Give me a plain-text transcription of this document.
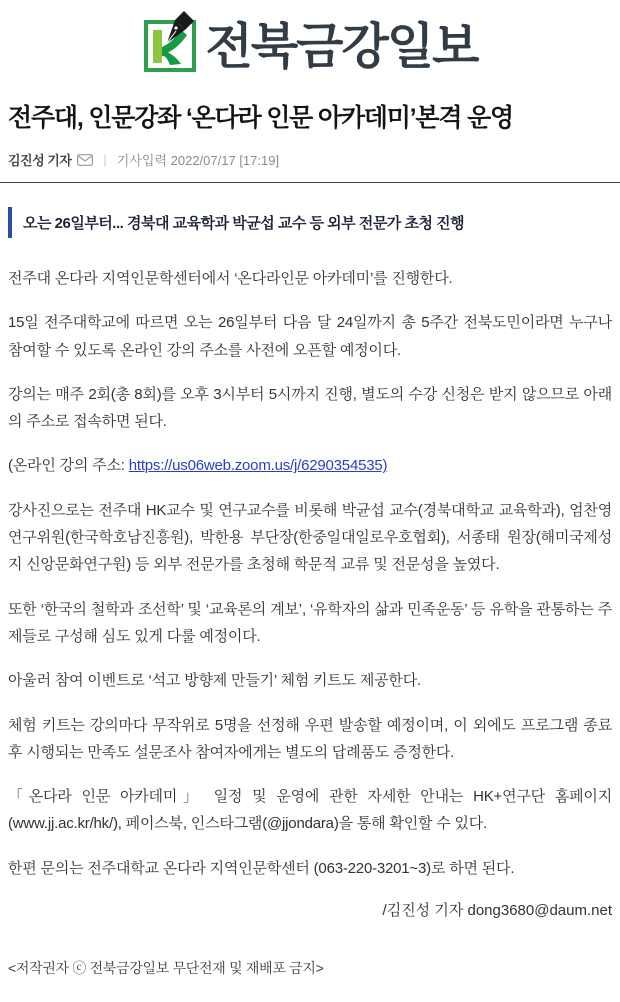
전북금강일보
전주대, 인문강좌 ‘온다라 인문 아카데미’본격 운영
김진성 기자 | 기사입력 2022/07/17 [17:19]
오는 26일부터... 경북대 교육학과 박균섭 교수 등 외부 전문가 초청 진행

전주대 온다라 지역인문학센터에서 ‘온다라인문 아카데미’를 진행한다.

15일 전주대학교에 따르면 오는 26일부터 다음 달 24일까지 총 5주간 전북도민이라면 누구나 참여할 수 있도록 온라인 강의 주소를 사전에 오픈할 예정이다.

강의는 매주 2회(총 8회)를 오후 3시부터 5시까지 진행, 별도의 수강 신청은 받지 않으므로 아래의 주소로 접속하면 된다.

(온라인 강의 주소: https://us06web.zoom.us/j/6290354535)

강사진으로는 전주대 HK교수 및 연구교수를 비롯해 박균섭 교수(경북대학교 교육학과), 엄찬영 연구위원(한국학호남진흥원), 박한용 부단장(한중일대일로우호협회), 서종태 원장(해미국제성지 신앙문화연구원) 등 외부 전문가를 초청해 학문적 교류 및 전문성을 높였다.

또한 ‘한국의 철학과 조선학’ 및 ‘교육론의 계보’, ‘유학자의 삶과 민족운동’ 등 유학을 관통하는 주제들로 구성해 심도 있게 다룰 예정이다.

아울러 참여 이벤트로 ‘석고 방향제 만들기’ 체험 키트도 제공한다.

체험 키트는 강의마다 무작위로 5명을 선정해 우편 발송할 예정이며, 이 외에도 프로그램 종료 후 시행되는 만족도 설문조사 참여자에게는 별도의 답례품도 증정한다.

「온다라 인문 아카데미」 일정 및 운영에 관한 자세한 안내는 HK+연구단 홈페이지(www.jj.ac.kr/hk/), 페이스북, 인스타그램(@jjondara)을 통해 확인할 수 있다.

한편 문의는 전주대학교 온다라 지역인문학센터 (063-220-3201~3)로 하면 된다.

/김진성 기자 dong3680@daum.net
<저작권자 ⓒ 전북금강일보 무단전재 및 재배포 금지>
